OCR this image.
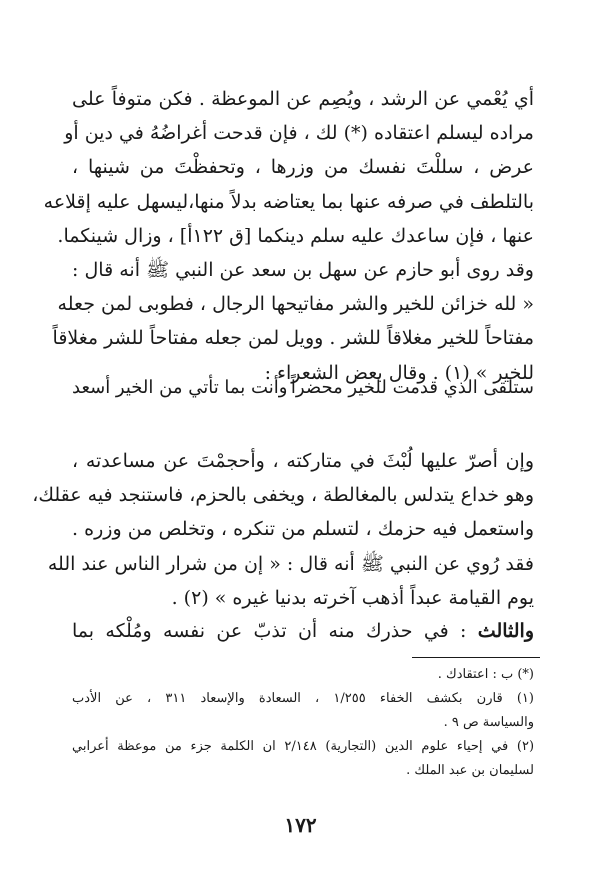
أي يُعْمي عن الرشد ، ويُصِم عن الموعظة . فكن متوفاً على
مراده ليسلم اعتقاده (*) لك ، فإن قدحت أغراضُهُ في دين أو
عرض ، سللْتَ نفسك من وزرها ، وتحفظْتَ من شينها ،
بالتلطف في صرفه عنها بما يعتاضه بدلاً منها،ليسهل عليه إقلاعه
عنها ، فإن ساعدك عليه سلم دينكما [ق ١٢٢أ] ، وزال شينكما.
وقد روى أبو حازم عن سهل بن سعد عن النبي ﷺ أنه قال :
« لله خزائن للخير والشر مفاتيحها الرجال ، فطوبى لمن جعله
مفتاحاً للخير مغلاقاً للشر . وويل لمن جعله مفتاحاً للشر مغلاقاً
للخير » (١) . وقال بعض الشعراء :
ستلقى الذي قدمت للخير محضراً
وأنت بما تأتي من الخير أسعد
وإن أصرّ عليها لُبْثَ في متاركته ، وأحجمْتَ عن مساعدته ،
وهو خداع يتدلس بالمغالطة ، ويخفى بالحزم، فاستنجد فيه عقلك،
واستعمل فيه حزمك ، لتسلم من تنكره ، وتخلص من وزره .
فقد رُوي عن النبي ﷺ أنه قال : « إن من شرار الناس عند الله
يوم القيامة عبداً أذهب آخرته بدنيا غيره » (٢) .
والثالث : في حذرك منه أن تذبّ عن نفسه ومُلْكه بما
(*) ب : اعتقادك .
(١) قارن بكشف الخفاء ١/٢٥٥ ، السعادة والإسعاد ٣١١ ، عن الأدب
والسياسة ص ٩ .
(٢) في إحياء علوم الدين (التجارية) ٢/١٤٨ ان الكلمة جزء من موعظة أعرابي
لسليمان بن عبد الملك .
١٧٢
